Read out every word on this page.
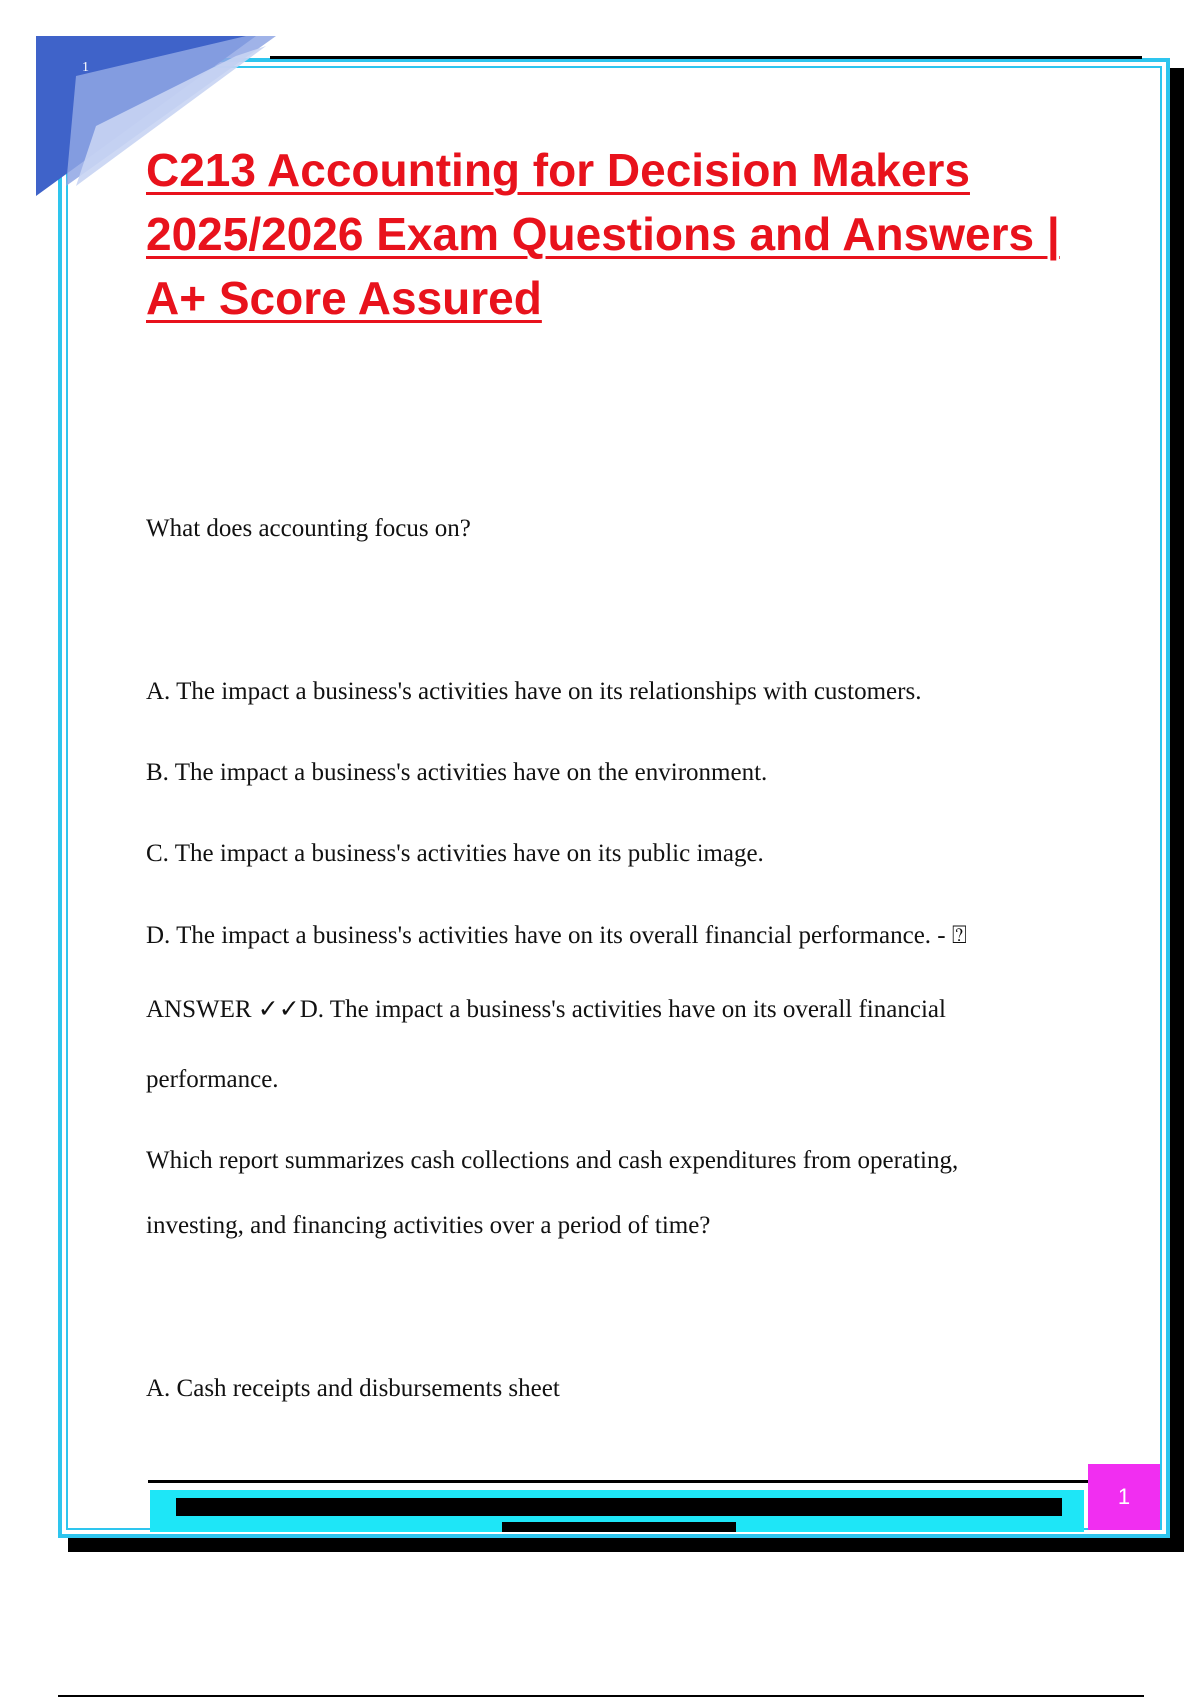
1
C213 Accounting for Decision Makers 2025/2026 Exam Questions and Answers | A+ Score Assured
What does accounting focus on?
A. The impact a business's activities have on its relationships with customers.
B. The impact a business's activities have on the environment.
C. The impact a business's activities have on its public image.
D. The impact a business's activities have on its overall financial performance. - ⍰
ANSWER ✓✓D. The impact a business's activities have on its overall financial
performance.
Which report summarizes cash collections and cash expenditures from operating,
investing, and financing activities over a period of time?
A. Cash receipts and disbursements sheet
1
